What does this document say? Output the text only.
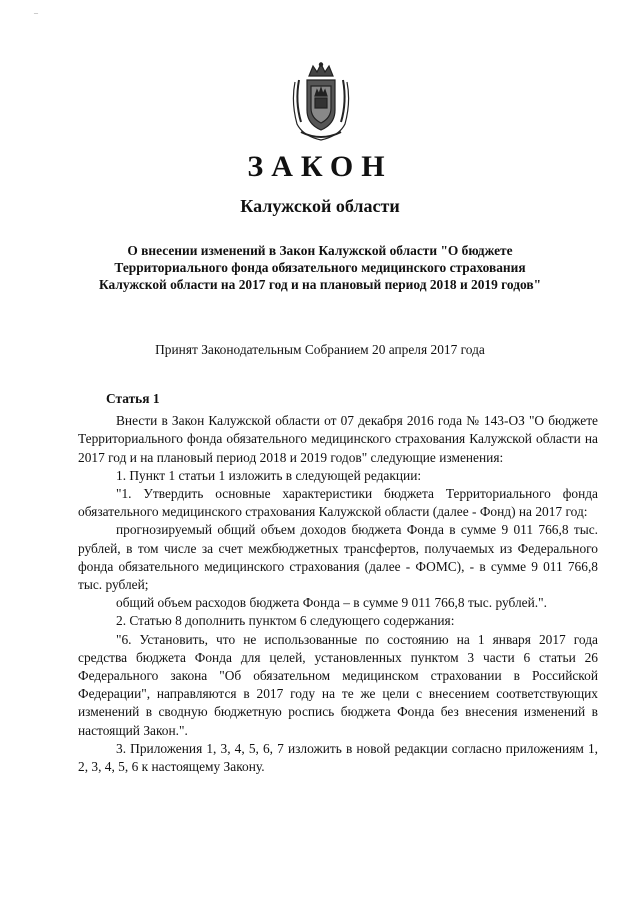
–
ЗАКОН
Калужской области
О внесении изменений в Закон Калужской области "О бюджете Территориального фонда обязательного медицинского страхования Калужской области на 2017 год и на плановый период 2018 и 2019 годов"
Принят Законодательным Собранием 20 апреля 2017 года
Статья 1

Внести в Закон Калужской области от 07 декабря 2016 года № 143-ОЗ "О бюджете Территориального фонда обязательного медицинского страхования Калужской области на 2017 год и на плановый период 2018 и 2019 годов" следующие изменения:

1. Пункт 1 статьи 1 изложить в следующей редакции:

"1. Утвердить основные характеристики бюджета Территориального фонда обязательного медицинского страхования Калужской области (далее - Фонд) на 2017 год:

прогнозируемый общий объем доходов бюджета Фонда в сумме 9 011 766,8 тыс. рублей, в том числе за счет межбюджетных трансфертов, получаемых из Федерального фонда обязательного медицинского страхования (далее - ФОМС), - в сумме 9 011 766,8 тыс. рублей;

общий объем расходов бюджета Фонда – в сумме 9 011 766,8 тыс. рублей.".

2. Статью 8 дополнить пунктом 6 следующего содержания:

"6. Установить, что не использованные по состоянию на 1 января 2017 года средства бюджета Фонда для целей, установленных пунктом 3 части 6 статьи 26 Федерального закона "Об обязательном медицинском страховании в Российской Федерации", направляются в 2017 году на те же цели с внесением соответствующих изменений в сводную бюджетную роспись бюджета Фонда без внесения изменений в настоящий Закон.".

3. Приложения 1, 3, 4, 5, 6, 7 изложить в новой редакции согласно приложениям 1, 2, 3, 4, 5, 6 к настоящему Закону.
